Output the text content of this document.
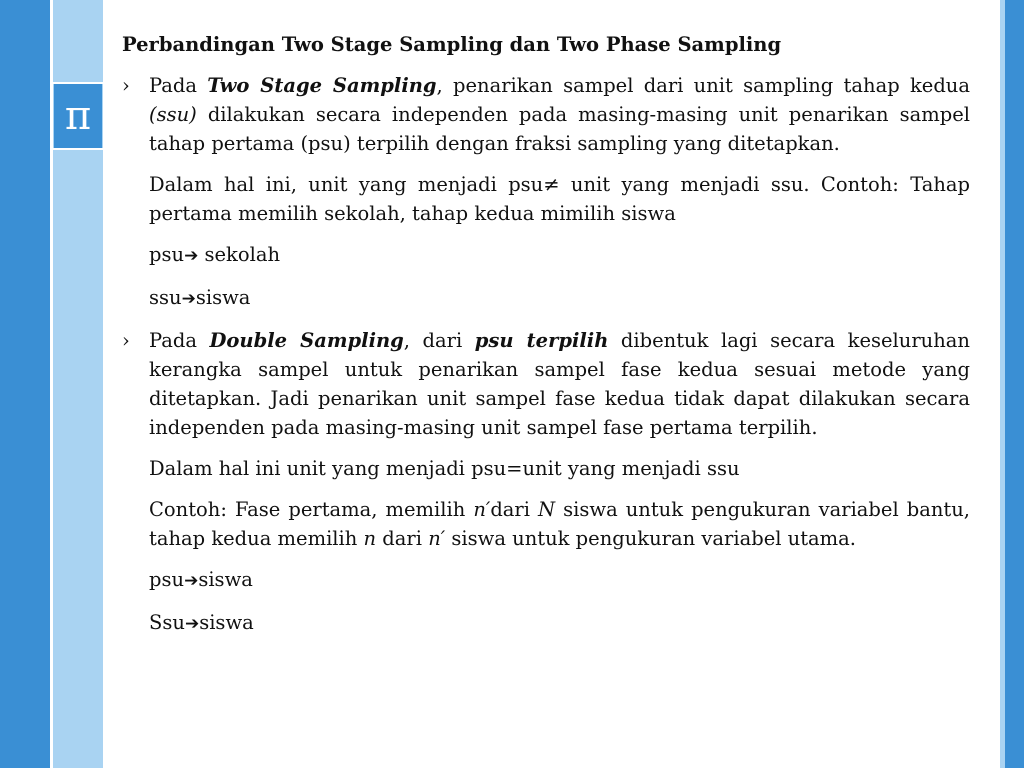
π
Perbandingan Two Stage Sampling dan Two Phase Sampling
› Pada Two Stage Sampling, penarikan sampel dari unit sampling tahap kedua (ssu) dilakukan secara independen pada masing-masing unit penarikan sampel tahap pertama (psu) terpilih dengan fraksi sampling yang ditetapkan.
Dalam hal ini, unit yang menjadi psu≠ unit yang menjadi ssu. Contoh: Tahap pertama memilih sekolah, tahap kedua mimilih siswa
psu➔ sekolah
ssu➔siswa
› Pada Double Sampling, dari psu terpilih dibentuk lagi secara keseluruhan kerangka sampel untuk penarikan sampel fase kedua sesuai metode yang ditetapkan. Jadi penarikan unit sampel fase kedua tidak dapat dilakukan secara independen pada masing-masing unit sampel fase pertama terpilih.
Dalam hal ini unit yang menjadi psu=unit yang menjadi ssu
Contoh: Fase pertama, memilih n′dari N siswa untuk pengukuran variabel bantu, tahap kedua memilih n dari n′ siswa untuk pengukuran variabel utama.
psu➔siswa
Ssu➔siswa
